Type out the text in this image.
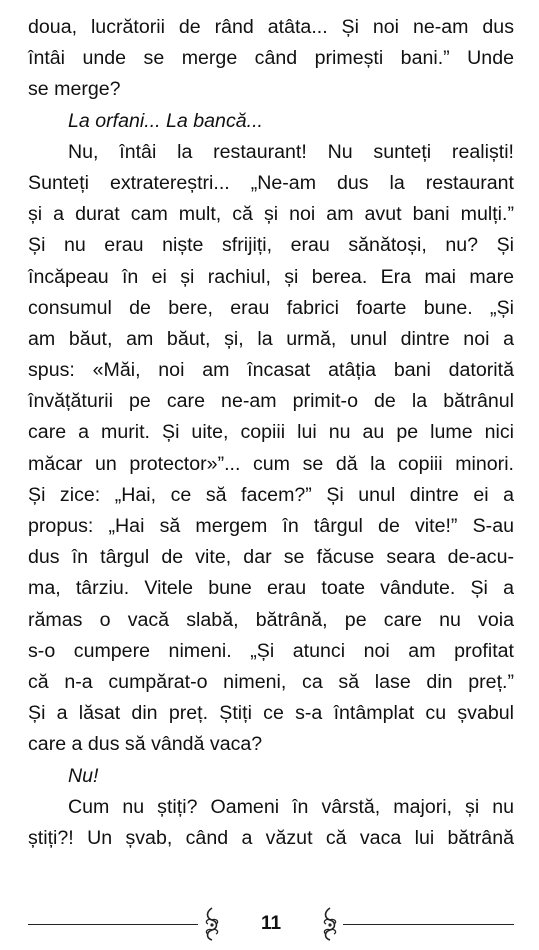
doua, lucrătorii de rând atâta... Și noi ne-am dus
întâi unde se merge când primești bani.” Unde
se merge?
La orfani... La bancă...
Nu, întâi la restaurant! Nu sunteți realiști!
Sunteți extratereștri... „Ne-am dus la restaurant
și a durat cam mult, că și noi am avut bani mulți.”
Și nu erau niște sfrijiți, erau sănătoși, nu? Și
încăpeau în ei și rachiul, și berea. Era mai mare
consumul de bere, erau fabrici foarte bune. „Și
am băut, am băut, și, la urmă, unul dintre noi a
spus: «Măi, noi am încasat atâția bani datorită
învățăturii pe care ne-am primit-o de la bătrânul
care a murit. Și uite, copiii lui nu au pe lume nici
măcar un protector»”... cum se dă la copiii minori.
Și zice: „Hai, ce să facem?” Și unul dintre ei a
propus: „Hai să mergem în târgul de vite!” S-au
dus în târgul de vite, dar se făcuse seara de-acu-
ma, târziu. Vitele bune erau toate vândute. Și a
rămas o vacă slabă, bătrână, pe care nu voia
s-o cumpere nimeni. „Și atunci noi am profitat
că n-a cumpărat-o nimeni, ca să lase din preț.”
Și a lăsat din preț. Știți ce s-a întâmplat cu șvabul
care a dus să vândă vaca?
Nu!
Cum nu știți? Oameni în vârstă, majori, și nu
știți?! Un șvab, când a văzut că vaca lui bătrână
11
